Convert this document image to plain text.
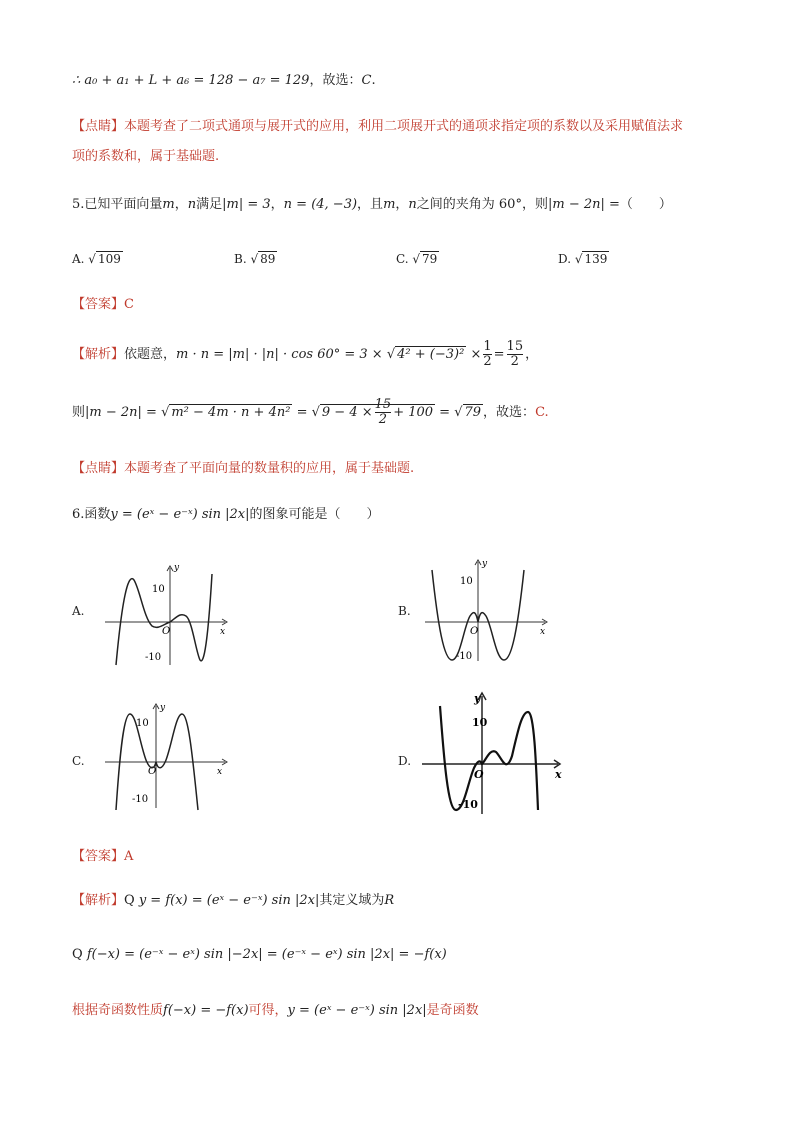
∴ a₀ + a₁ + L + a₆ = 128 − a₇ = 129，故选：C.
【点睛】本题考查了二项式通项与展开式的应用，利用二项展开式的通项求指定项的系数以及采用赋值法求
项的系数和，属于基础题.
5.已知平面向量m，n满足|m| = 3，n = (4, −3)，且m，n之间的夹角为 60°，则|m − 2n| =（　　）
A. √ 109	B. √ 89	C. √ 79	D. √ 139
【答案】C
【解析】依题意，m · n = |m| · |n| · cos 60° = 3 × √ $4^2 + (-3)^2 \times \frac{1}{2} = \frac{15}{2}$ ，
则|m − 2n| = √ m² − 4m · n + 4n² = √ $9 - 4 \times \frac{15}{2} + 100$ = √ 79 ，故选：C.
【点睛】本题考查了平面向量的数量积的应用，属于基础题.
6.函数y = (eˣ − e⁻ˣ) sin |2x|的图象可能是（　　）
A.
y
x
10
-10
O
B.
y
x
10
-10
O
C.
y
x
10
-10
O
D.
y
x
10
-10
O
【答案】A
【解析】Q y = f(x) = (eˣ − e⁻ˣ) sin |2x|其定义域为R
Q f(−x) = (e⁻ˣ − eˣ) sin |−2x| = (e⁻ˣ − eˣ) sin |2x| = −f(x)
根据奇函数性质f(−x) = −f(x)可得，y = (eˣ − e⁻ˣ) sin |2x|是奇函数
